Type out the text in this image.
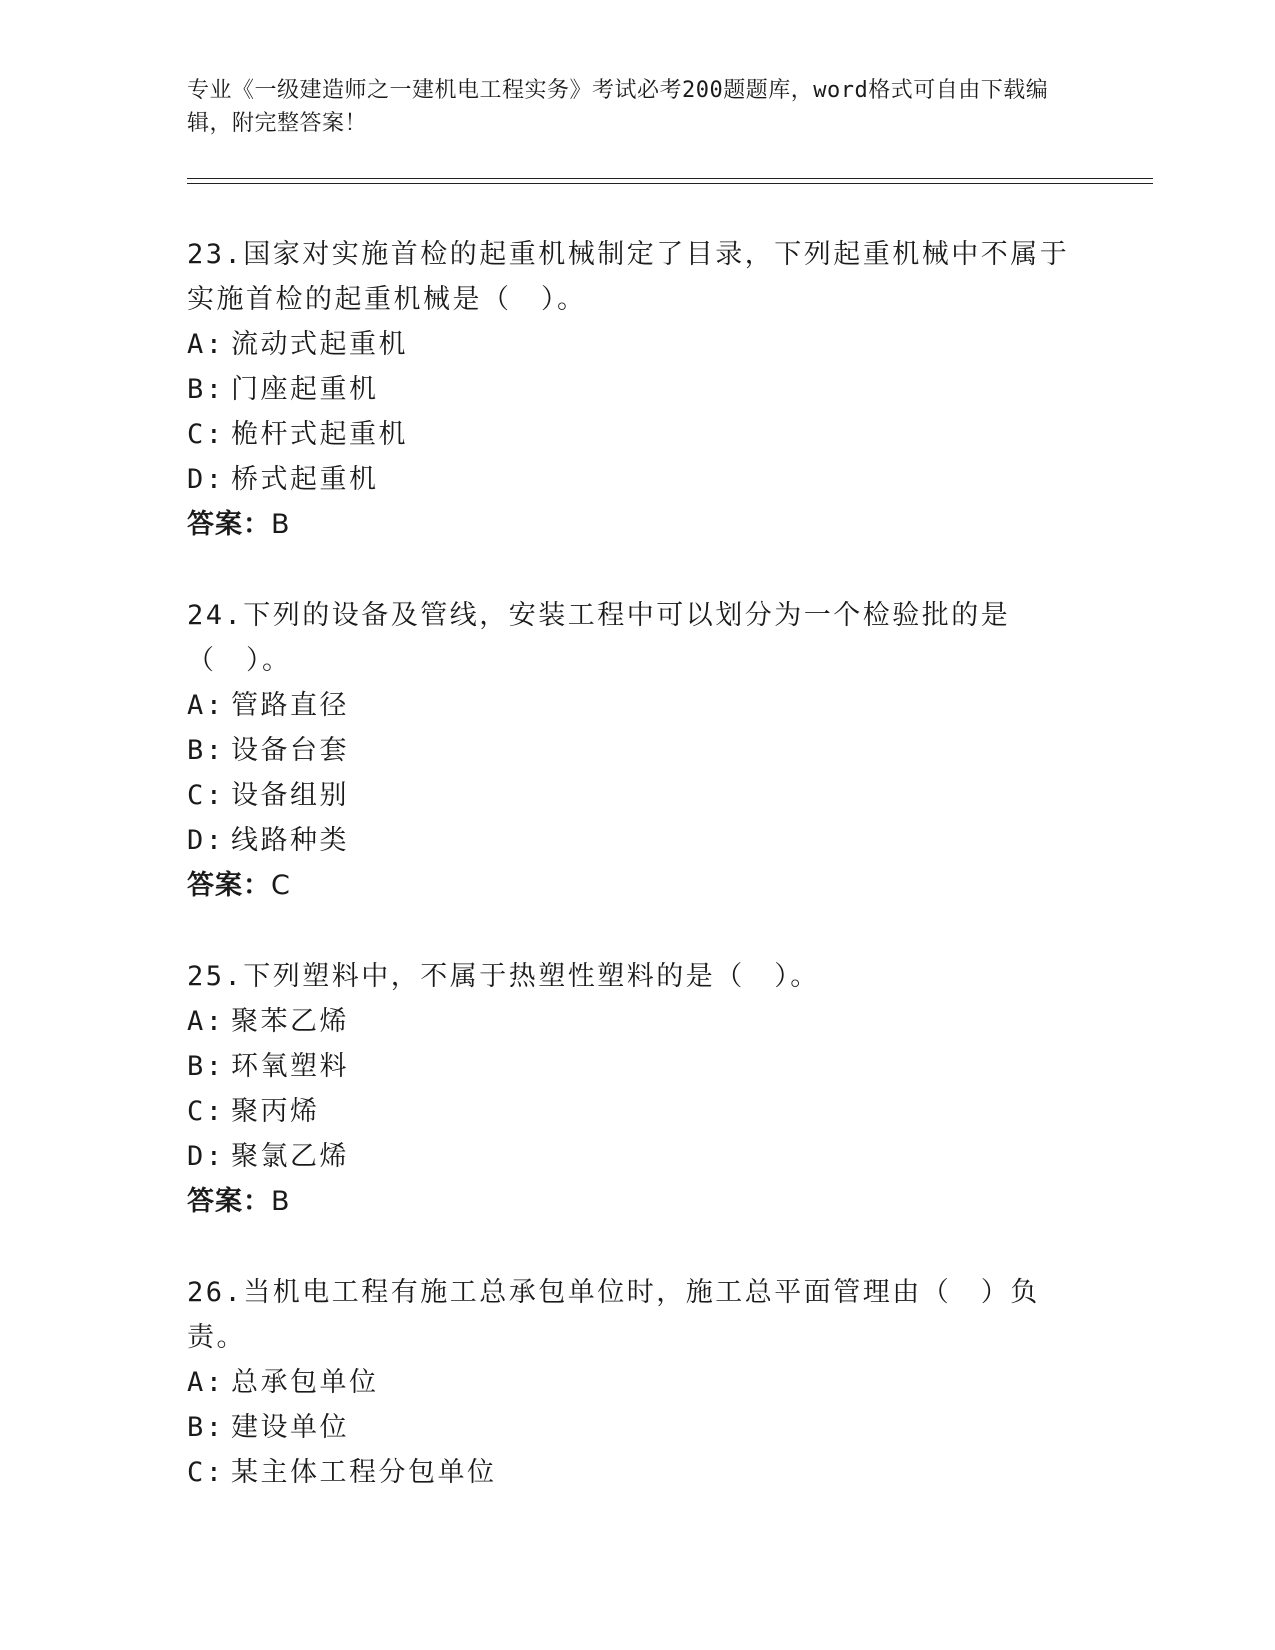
专业《一级建造师之一建机电工程实务》考试必考200题题库，word格式可自由下载编辑，附完整答案！

23.国家对实施首检的起重机械制定了目录，下列起重机械中不属于实施首检的起重机械是（　）。

A: 流动式起重机

B: 门座起重机

C: 桅杆式起重机

D: 桥式起重机

答案：B

24.下列的设备及管线，安装工程中可以划分为一个检验批的是（　）。

A: 管路直径

B: 设备台套

C: 设备组别

D: 线路种类

答案：C

25.下列塑料中，不属于热塑性塑料的是（　）。

A: 聚苯乙烯

B: 环氧塑料

C: 聚丙烯

D: 聚氯乙烯

答案：B

26.当机电工程有施工总承包单位时，施工总平面管理由（　）负责。

A: 总承包单位

B: 建设单位

C: 某主体工程分包单位
